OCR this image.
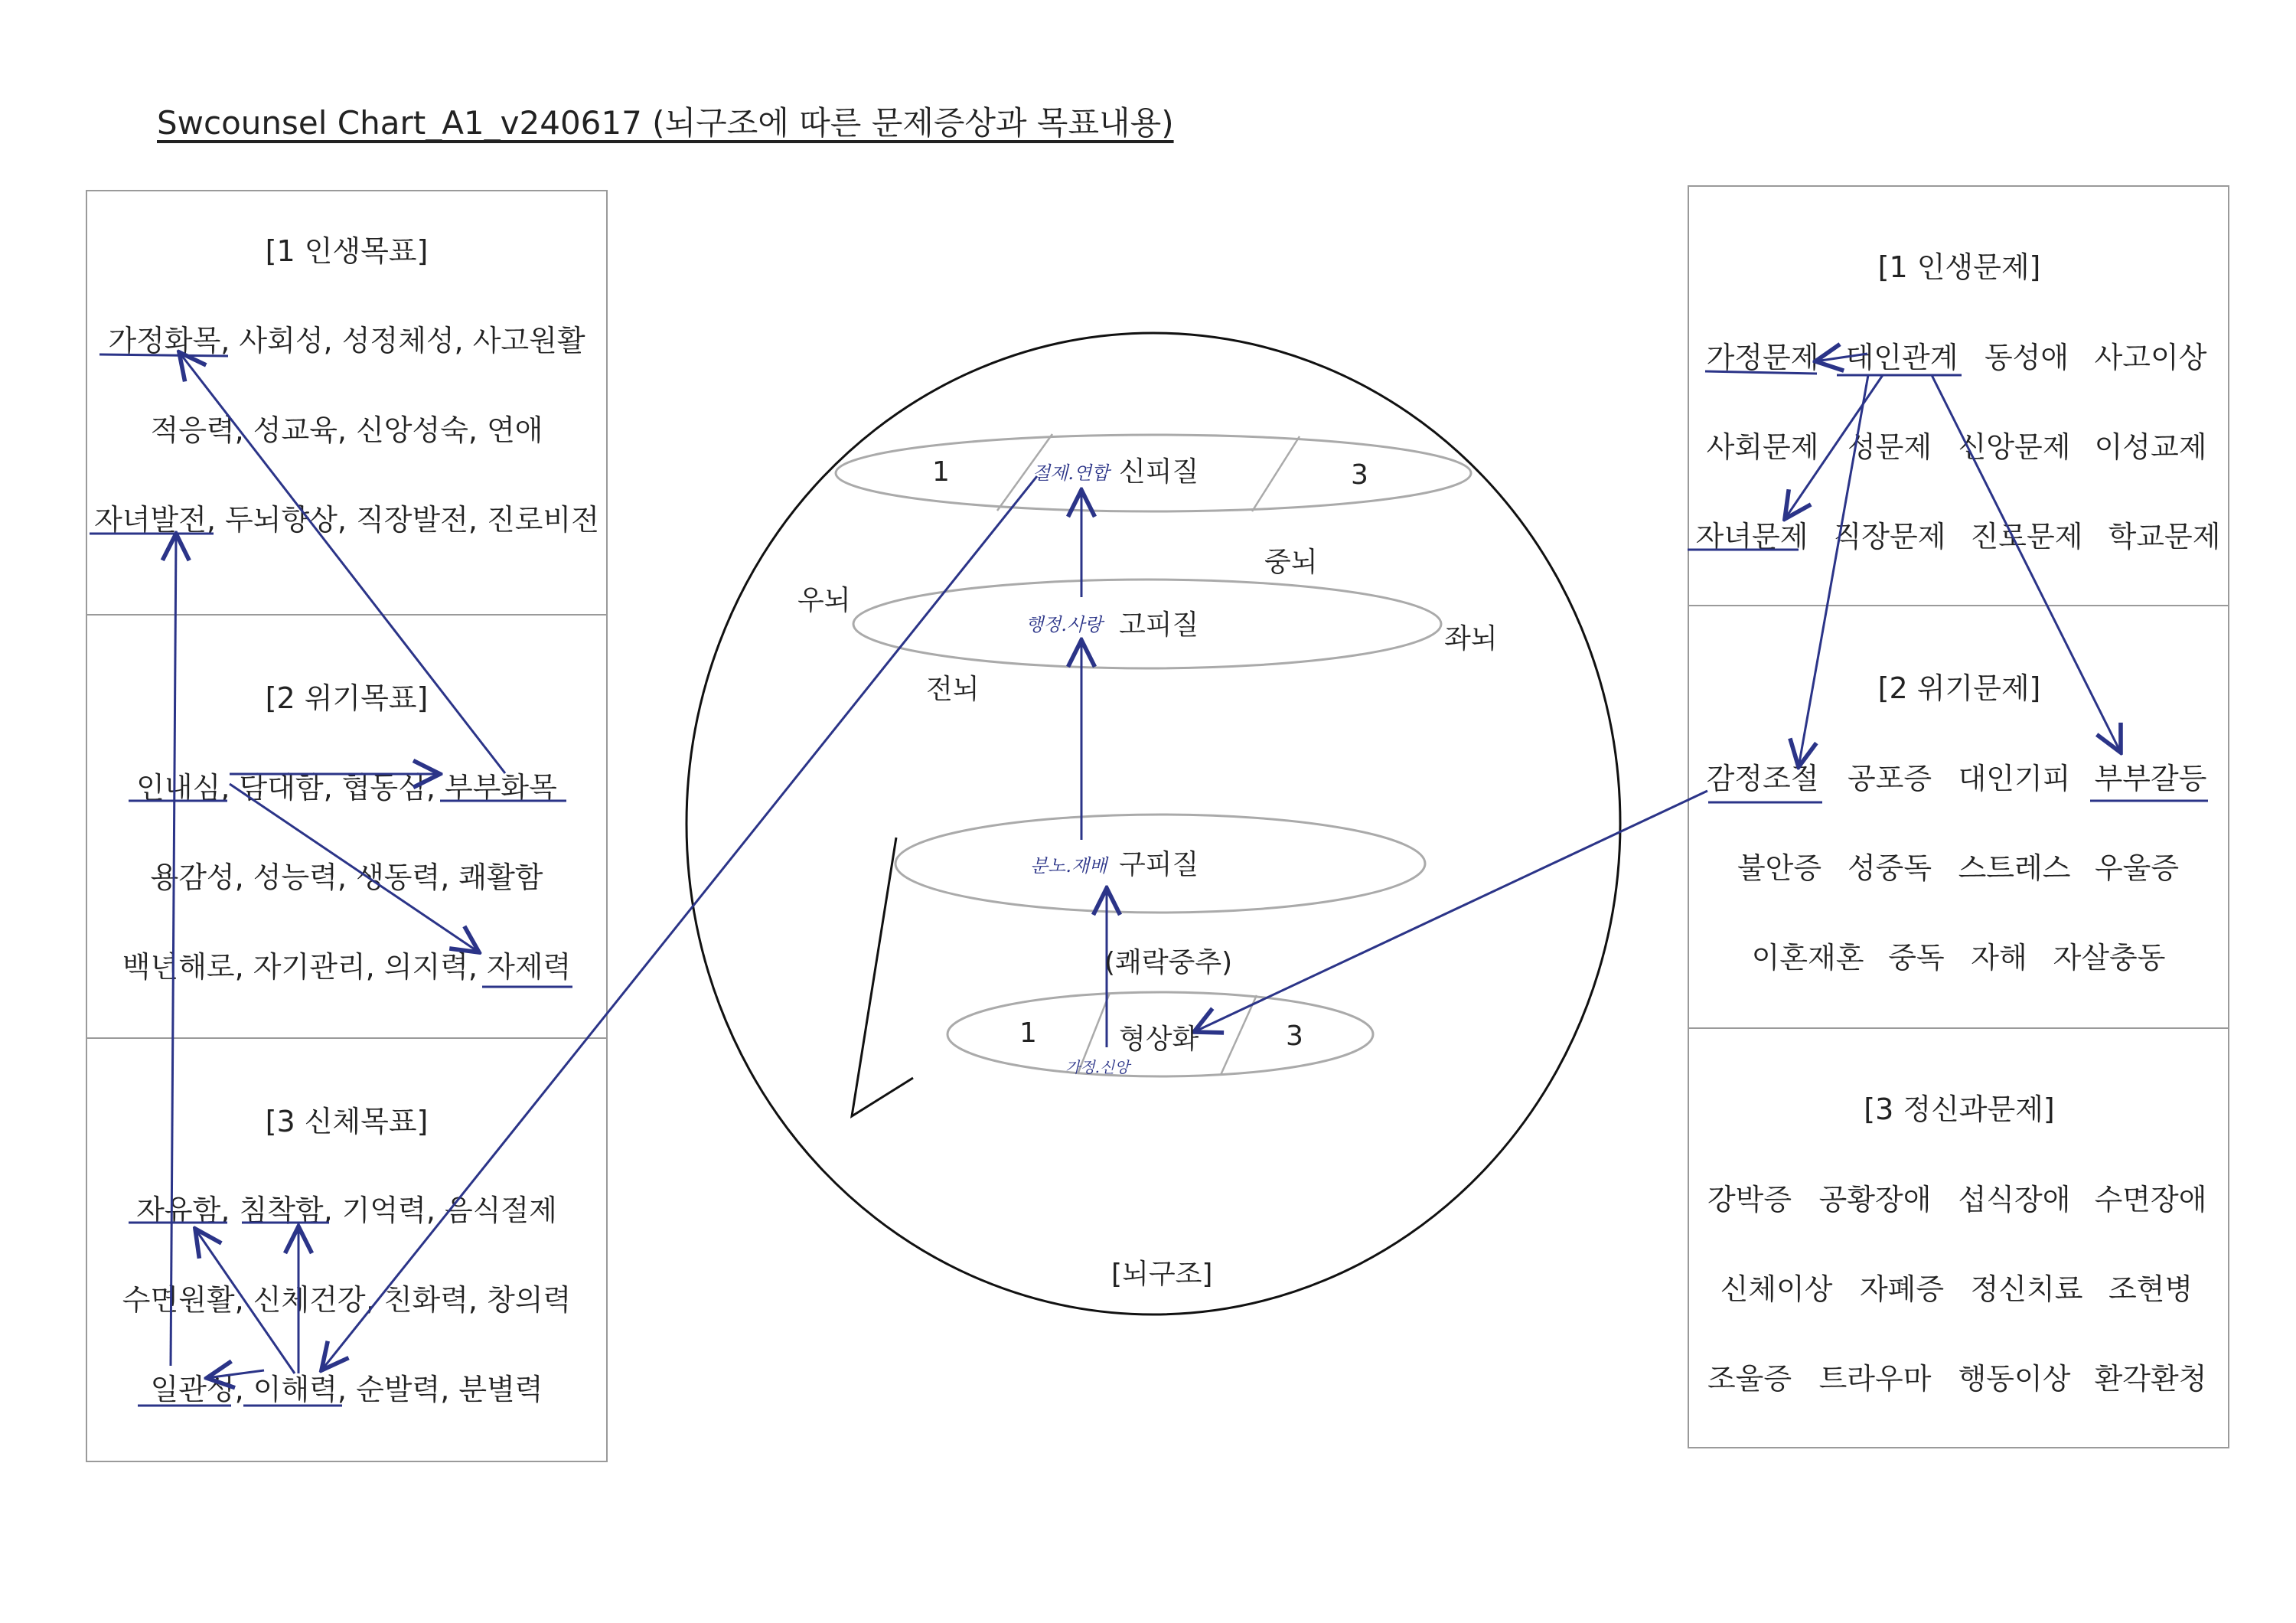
Swcounsel Chart_A1_v240617 (뇌구조에 따른 문제증상과 목표내용)
[1 인생목표]
가정화목, 사회성, 성정체성, 사고원활
적응력, 성교육, 신앙성숙, 연애
자녀발전, 두뇌향상, 직장발전, 진로비전
[2 위기목표]
인내심, 담대함, 협동심, 부부화목
용감성, 성능력, 생동력, 쾌활함
백년해로, 자기관리, 의지력, 자제력
[3 신체목표]
자유함, 침착함, 기억력, 음식절제
수면원활, 신체건강, 친화력, 창의력
일관성, 이해력, 순발력, 분별력
[1 인생문제]
가정문제 대인관계 동성애 사고이상
사회문제 성문제 신앙문제 이성교제
자녀문제 직장문제 진로문제 학교문제
[2 위기문제]
감정조절 공포증 대인기피 부부갈등
불안증 성중독 스트레스 우울증
이혼재혼 중독 자해 자살충동
[3 정신과문제]
강박증 공황장애 섭식장애 수면장애
신체이상 자폐증 정신치료 조현병
조울증 트라우마 행동이상 환각환청
1	신피질	3
절제.연합
중뇌
우뇌
좌뇌
전뇌
고피질
행정.사랑
구피질
분노.재배
(쾌락중추)
1	형상화	3
가정.신앙
[뇌구조]
